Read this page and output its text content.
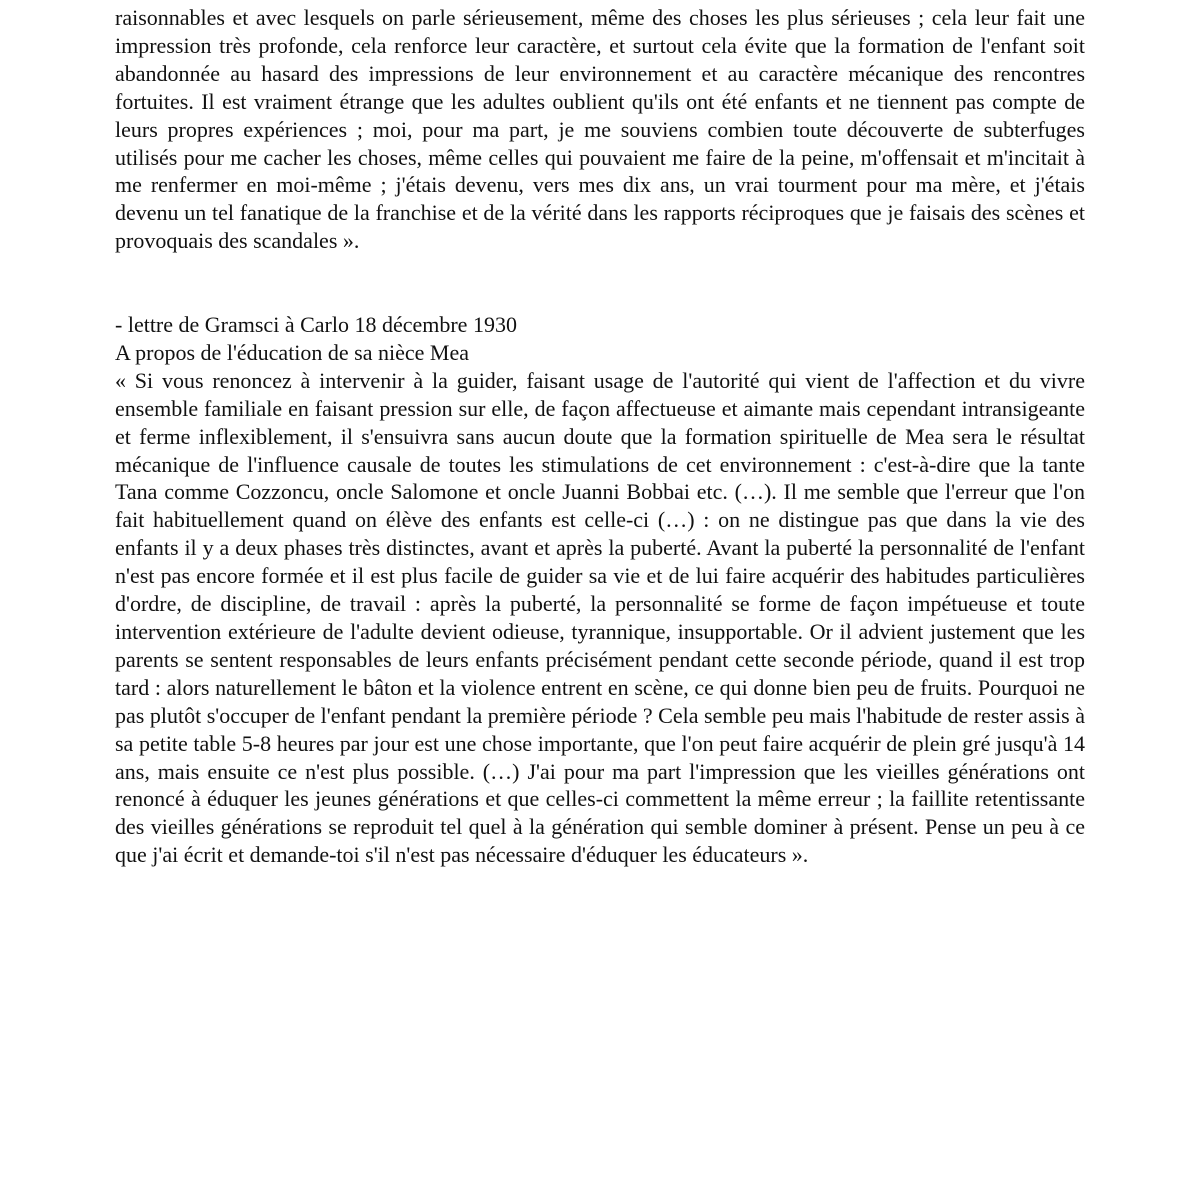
raisonnables et avec lesquels on parle sérieusement, même des choses les plus sérieuses ; cela leur fait une impression très profonde, cela renforce leur caractère, et surtout cela évite que la formation de l'enfant soit abandonnée au hasard des impressions de leur environnement et au caractère mécanique des rencontres fortuites. Il est vraiment étrange que les adultes oublient qu'ils ont été enfants et ne tiennent pas compte de leurs propres expériences ; moi, pour ma part, je me souviens combien toute découverte de subterfuges utilisés pour me cacher les choses, même celles qui pouvaient me faire de la peine, m'offensait et m'incitait à me renfermer en moi-même ; j'étais devenu, vers mes dix ans, un vrai tourment pour ma mère, et j'étais devenu un tel fanatique de la franchise et de la vérité dans les rapports réciproques que je faisais des scènes et provoquais des scandales ».

- lettre de Gramsci à Carlo 18 décembre 1930
A propos de l'éducation de sa nièce Mea
« Si vous renoncez à intervenir à la guider, faisant usage de l'autorité qui vient de l'affection et du vivre ensemble familiale en faisant pression sur elle, de façon affectueuse et aimante mais cependant intransigeante et ferme inflexiblement, il s'ensuivra sans aucun doute que la formation spirituelle de Mea sera le résultat mécanique de l'influence causale de toutes les stimulations de cet environnement : c'est-à-dire que la tante Tana comme Cozzoncu, oncle Salomone et oncle Juanni Bobbai etc. (…). Il me semble que l'erreur que l'on fait habituellement quand on élève des enfants est celle-ci (…) : on ne distingue pas que dans la vie des enfants il y a deux phases très distinctes, avant et après la puberté. Avant la puberté la personnalité de l'enfant n'est pas encore formée et il est plus facile de guider sa vie et de lui faire acquérir des habitudes particulières d'ordre, de discipline, de travail : après la puberté, la personnalité se forme de façon impétueuse et toute intervention extérieure de l'adulte devient odieuse, tyrannique, insupportable. Or il advient justement que les parents se sentent responsables de leurs enfants précisément pendant cette seconde période, quand il est trop tard : alors naturellement le bâton et la violence entrent en scène, ce qui donne bien peu de fruits. Pourquoi ne pas plutôt s'occuper de l'enfant pendant la première période ? Cela semble peu mais l'habitude de rester assis à sa petite table 5-8 heures par jour est une chose importante, que l'on peut faire acquérir de plein gré jusqu'à 14 ans, mais ensuite ce n'est plus possible. (…) J'ai pour ma part l'impression que les vieilles générations ont renoncé à éduquer les jeunes générations et que celles-ci commettent la même erreur ; la faillite retentissante des vieilles générations se reproduit tel quel à la génération qui semble dominer à présent. Pense un peu à ce que j'ai écrit et demande-toi s'il n'est pas nécessaire d'éduquer les éducateurs ».
